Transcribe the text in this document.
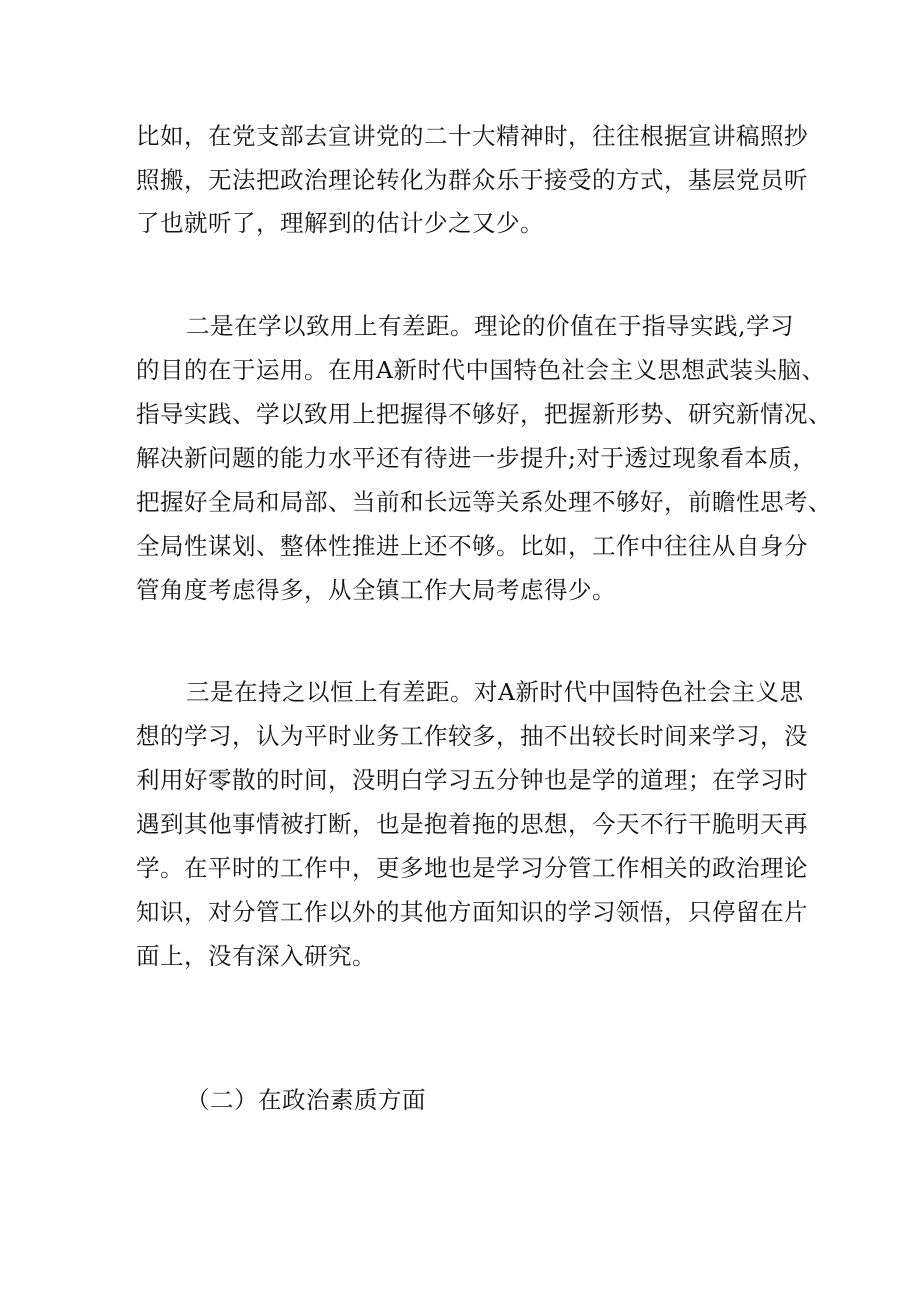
比如，在党支部去宣讲党的二十大精神时，往往根据宣讲稿照抄

照搬，无法把政治理论转化为群众乐于接受的方式，基层党员听

了也就听了，理解到的估计少之又少。

二是在学以致用上有差距。理论的价值在于指导实践,学习

的目的在于运用。在用A新时代中国特色社会主义思想武装头脑、

指导实践、学以致用上把握得不够好，把握新形势、研究新情况、

解决新问题的能力水平还有待进一步提升;对于透过现象看本质，

把握好全局和局部、当前和长远等关系处理不够好，前瞻性思考、

全局性谋划、整体性推进上还不够。比如，工作中往往从自身分

管角度考虑得多，从全镇工作大局考虑得少。

三是在持之以恒上有差距。对A新时代中国特色社会主义思

想的学习，认为平时业务工作较多，抽不出较长时间来学习，没

利用好零散的时间，没明白学习五分钟也是学的道理；在学习时

遇到其他事情被打断，也是抱着拖的思想，今天不行干脆明天再

学。在平时的工作中，更多地也是学习分管工作相关的政治理论

知识，对分管工作以外的其他方面知识的学习领悟，只停留在片

面上，没有深入研究。

（二）在政治素质方面
